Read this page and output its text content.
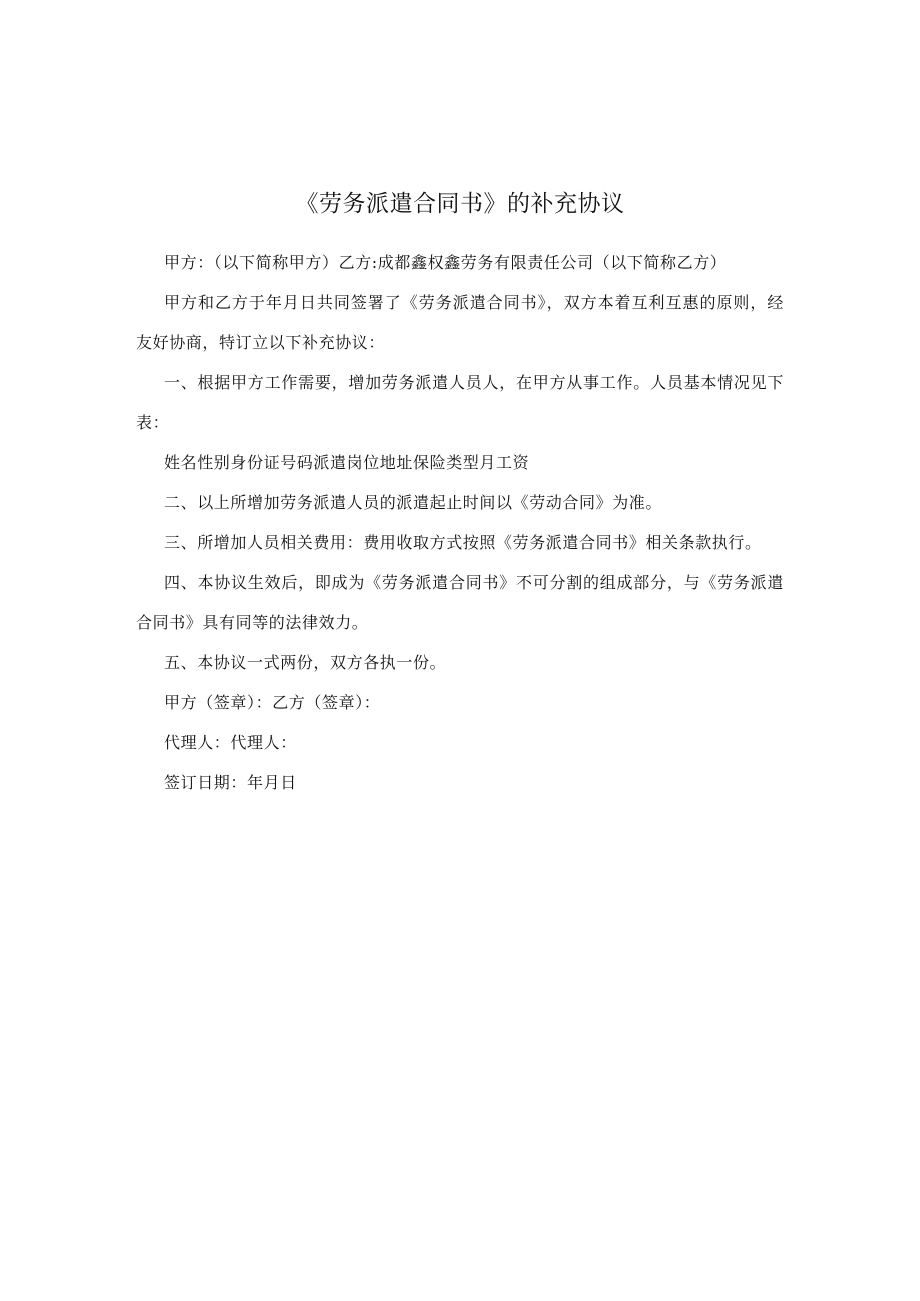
《劳务派遣合同书》的补充协议

甲方：（以下简称甲方）乙方:成都鑫权鑫劳务有限责任公司（以下简称乙方）

甲方和乙方于年月日共同签署了《劳务派遣合同书》，双方本着互利互惠的原则，经友好协商，特订立以下补充协议：

一、根据甲方工作需要，增加劳务派遣人员人，在甲方从事工作。人员基本情况见下表：

姓名性别身份证号码派遣岗位地址保险类型月工资

二、以上所增加劳务派遣人员的派遣起止时间以《劳动合同》为准。

三、所增加人员相关费用：费用收取方式按照《劳务派遣合同书》相关条款执行。

四、本协议生效后，即成为《劳务派遣合同书》不可分割的组成部分，与《劳务派遣合同书》具有同等的法律效力。

五、本协议一式两份，双方各执一份。

甲方（签章）：乙方（签章）：

代理人：代理人：

签订日期：年月日
